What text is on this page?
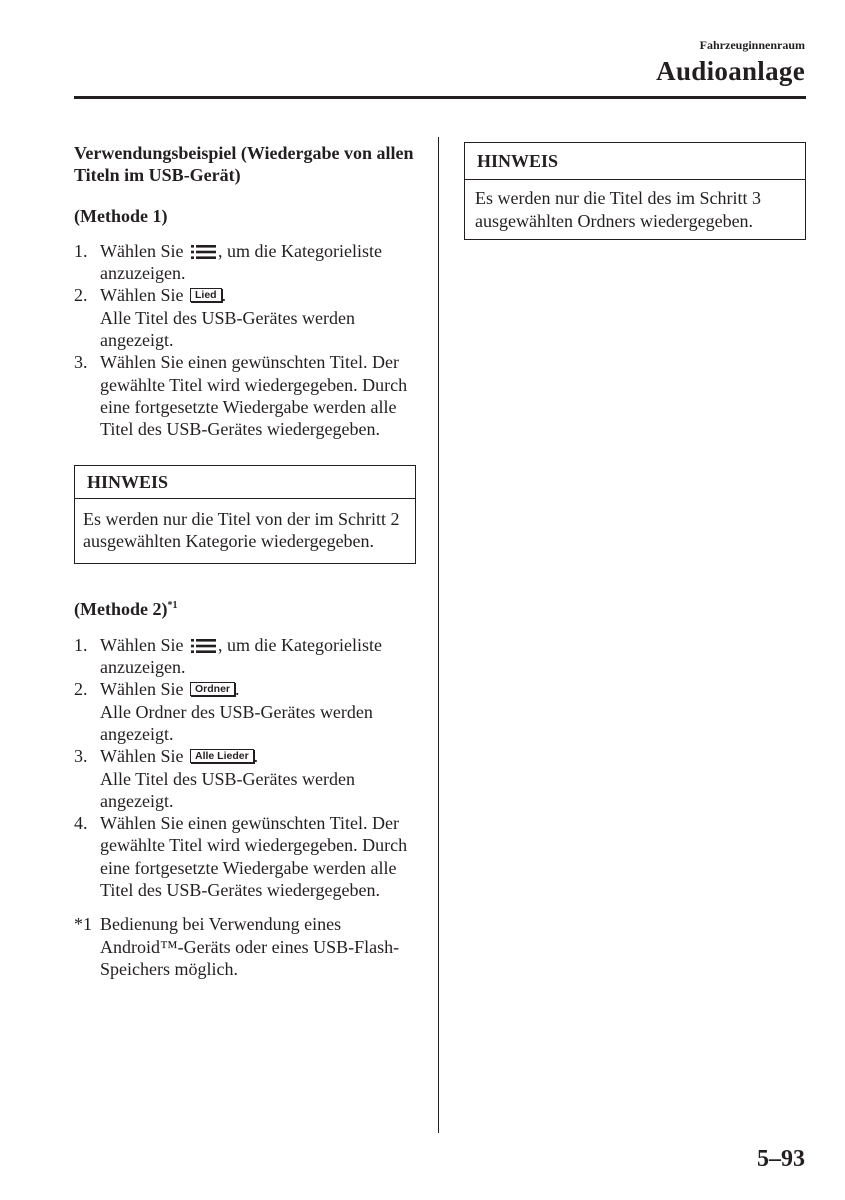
Fahrzeuginnenraum
Audioanlage
Verwendungsbeispiel (Wiedergabe von allen Titeln im USB-Gerät)
(Methode 1)
1. Wählen Sie , um die Kategorieliste anzuzeigen.
2. Wählen Sie Lied .
Alle Titel des USB-Gerätes werden angezeigt.
3. Wählen Sie einen gewünschten Titel. Der gewählte Titel wird wiedergegeben. Durch eine fortgesetzte Wiedergabe werden alle Titel des USB-Gerätes wiedergegeben.
HINWEIS
Es werden nur die Titel von der im Schritt 2 ausgewählten Kategorie wiedergegeben.
(Methode 2)$^{*1}$
1. Wählen Sie , um die Kategorieliste anzuzeigen.
2. Wählen Sie Ordner .
Alle Ordner des USB-Gerätes werden angezeigt.
3. Wählen Sie Alle Lieder .
Alle Titel des USB-Gerätes werden angezeigt.
4. Wählen Sie einen gewünschten Titel. Der gewählte Titel wird wiedergegeben. Durch eine fortgesetzte Wiedergabe werden alle Titel des USB-Gerätes wiedergegeben.
*1 Bedienung bei Verwendung eines Android™-Geräts oder eines USB-Flash-Speichers möglich.
HINWEIS
Es werden nur die Titel des im Schritt 3 ausgewählten Ordners wiedergegeben.
5–93
